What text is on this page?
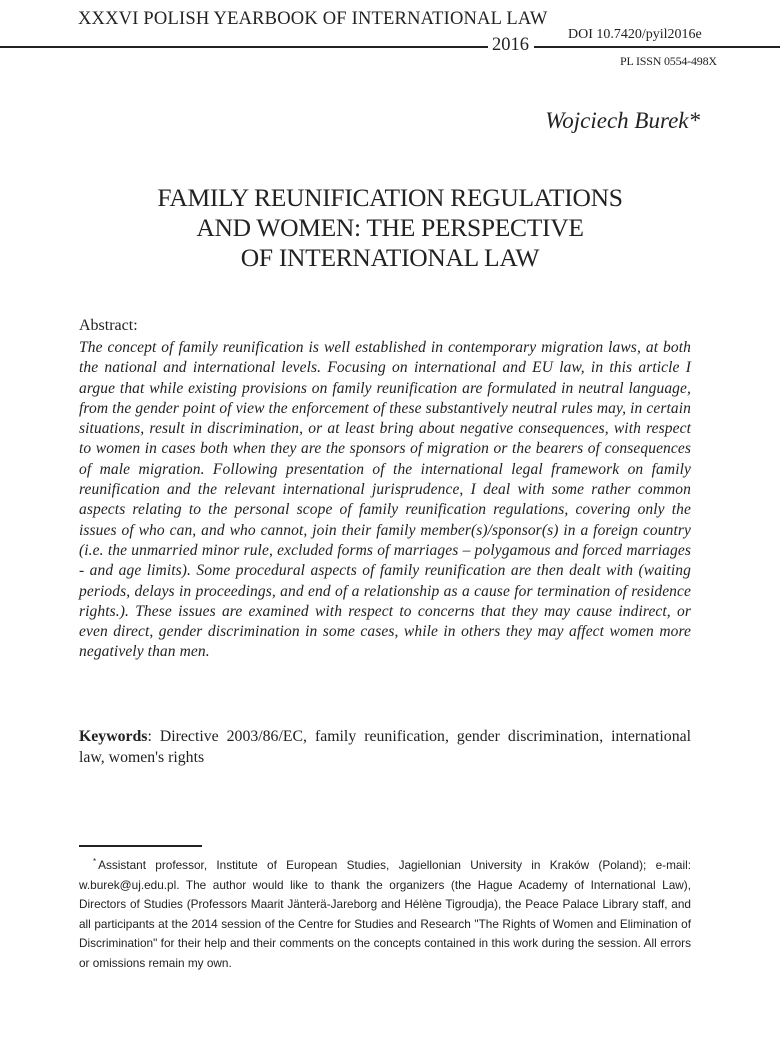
XXXVI POLISH YEARBOOK OF INTERNATIONAL LAW
2016
DOI 10.7420/pyil2016e
PL ISSN 0554-498X
Wojciech Burek*
FAMILY REUNIFICATION REGULATIONS
AND WOMEN: THE PERSPECTIVE
OF INTERNATIONAL LAW
Abstract:
The concept of family reunification is well established in contemporary migration laws, at both the national and international levels. Focusing on international and EU law, in this article I argue that while existing provisions on family reunification are formulated in neutral language, from the gender point of view the enforcement of these substantively neutral rules may, in certain situations, result in discrimination, or at least bring about negative consequences, with respect to women in cases both when they are the sponsors of migration or the bearers of consequences of male migration. Following presentation of the international legal framework on family reunification and the relevant international jurisprudence, I deal with some rather common aspects relating to the personal scope of family reunification regulations, covering only the issues of who can, and who cannot, join their family member(s)/sponsor(s) in a foreign country (i.e. the unmarried minor rule, excluded forms of marriages – polygamous and forced marriages - and age limits). Some procedural aspects of family reunification are then dealt with (waiting periods, delays in proceedings, and end of a relationship as a cause for termination of residence rights.). These issues are examined with respect to concerns that they may cause indirect, or even direct, gender discrimination in some cases, while in others they may affect women more negatively than men.
Keywords: Directive 2003/86/EC, family reunification, gender discrimination, international law, women's rights
* Assistant professor, Institute of European Studies, Jagiellonian University in Kraków (Poland); e-mail: w.burek@uj.edu.pl. The author would like to thank the organizers (the Hague Academy of International Law), Directors of Studies (Professors Maarit Jänterä-Jareborg and Hélène Tigroudja), the Peace Palace Library staff, and all participants at the 2014 session of the Centre for Studies and Research "The Rights of Women and Elimination of Discrimination" for their help and their comments on the concepts contained in this work during the session. All errors or omissions remain my own.
